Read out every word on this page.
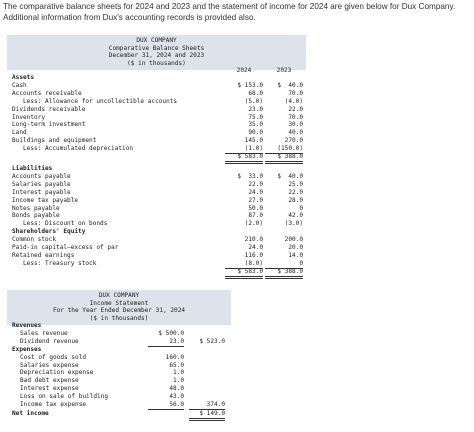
The comparative balance sheets for 2024 and 2023 and the statement of income for 2024 are given below for Dux Company. Additional information from Dux's accounting records is provided also.
DUX COMPANY
Comparative Balance Sheets
December 31, 2024 and 2023
($ in thousands)
2024	2023
Assets
Cash	$ 153.0	$  40.0
Accounts receivable	68.0	70.0
Less: Allowance for uncollectible accounts	(5.0)	(4.0)
Dividends receivable	23.0	22.0
Inventory	75.0	70.0
Long-term investment	35.0	30.0
Land	90.0	40.0
Buildings and equipment	145.0	270.0
Less: Accumulated depreciation	(1.0)	(150.0)
$ 583.0	$ 388.0
Liabilities
Accounts payable	$  33.0	$  40.0
Salaries payable	22.0	25.0
Interest payable	24.0	22.0
Income tax payable	27.0	28.0
Notes payable	50.0	0
Bonds payable	87.0	42.0
Less: Discount on bonds	(2.0)	(3.0)
Shareholders' Equity
Common stock	210.0	200.0
Paid-in capital—excess of par	24.0	20.0
Retained earnings	116.0	14.0
Less: Treasury stock	(8.0)	0
$ 583.0	$ 388.0
DUX COMPANY
Income Statement
For the Year Ended December 31, 2024
($ in thousands)
Revenues
Sales revenue	$ 500.0
Dividend revenue	23.0	$ 523.0
Expenses
Cost of goods sold	160.0
Salaries expense	65.0
Depreciation expense	1.0
Bad debt expense	1.0
Interest expense	48.0
Loss on sale of building	43.0
Income tax expense	56.0	374.0
Net income	$ 149.0
